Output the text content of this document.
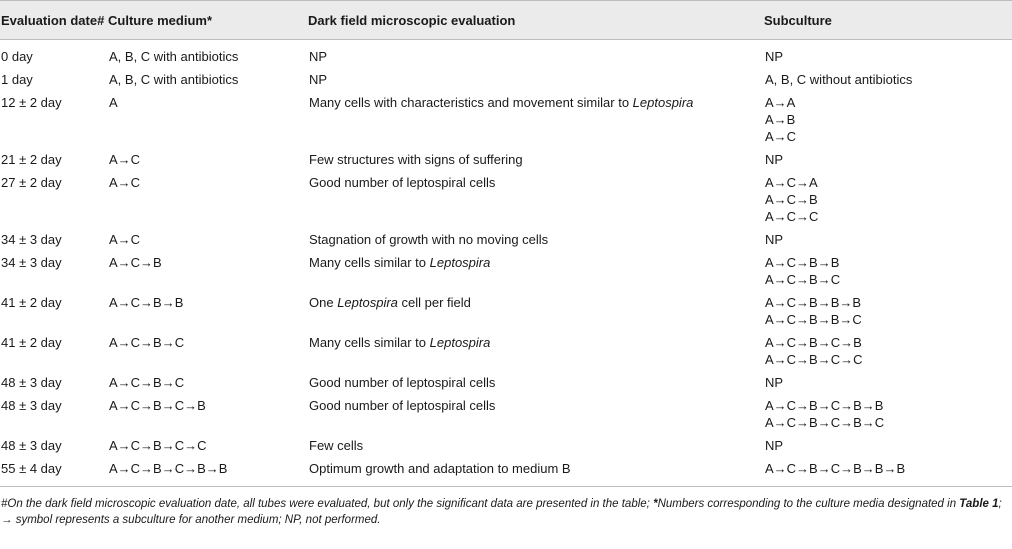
Evaluation date#	Culture medium*	Dark field microscopic evaluation	Subculture
0 day	A, B, C with antibiotics	NP	NP

1 day	A, B, C with antibiotics	NP	A, B, C without antibiotics

12 ± 2 day	A	Many cells with characteristics and movement similar to Leptospira	A→A
A→B
A→C

21 ± 2 day	A→C	Few structures with signs of suffering	NP

27 ± 2 day	A→C	Good number of leptospiral cells	A→C→A
A→C→B
A→C→C

34 ± 3 day	A→C	Stagnation of growth with no moving cells	NP

34 ± 3 day	A→C→B	Many cells similar to Leptospira	A→C→B→B
A→C→B→C

41 ± 2 day	A→C→B→B	One Leptospira cell per field	A→C→B→B→B
A→C→B→B→C

41 ± 2 day	A→C→B→C	Many cells similar to Leptospira	A→C→B→C→B
A→C→B→C→C

48 ± 3 day	A→C→B→C	Good number of leptospiral cells	NP

48 ± 3 day	A→C→B→C→B	Good number of leptospiral cells	A→C→B→C→B→B
A→C→B→C→B→C

48 ± 3 day	A→C→B→C→C	Few cells	NP

55 ± 4 day	A→C→B→C→B→B	Optimum growth and adaptation to medium B	A→C→B→C→B→B→B
#On the dark field microscopic evaluation date, all tubes were evaluated, but only the significant data are presented in the table; *Numbers corresponding to the culture media designated in Table 1; → symbol represents a subculture for another medium; NP, not performed.
